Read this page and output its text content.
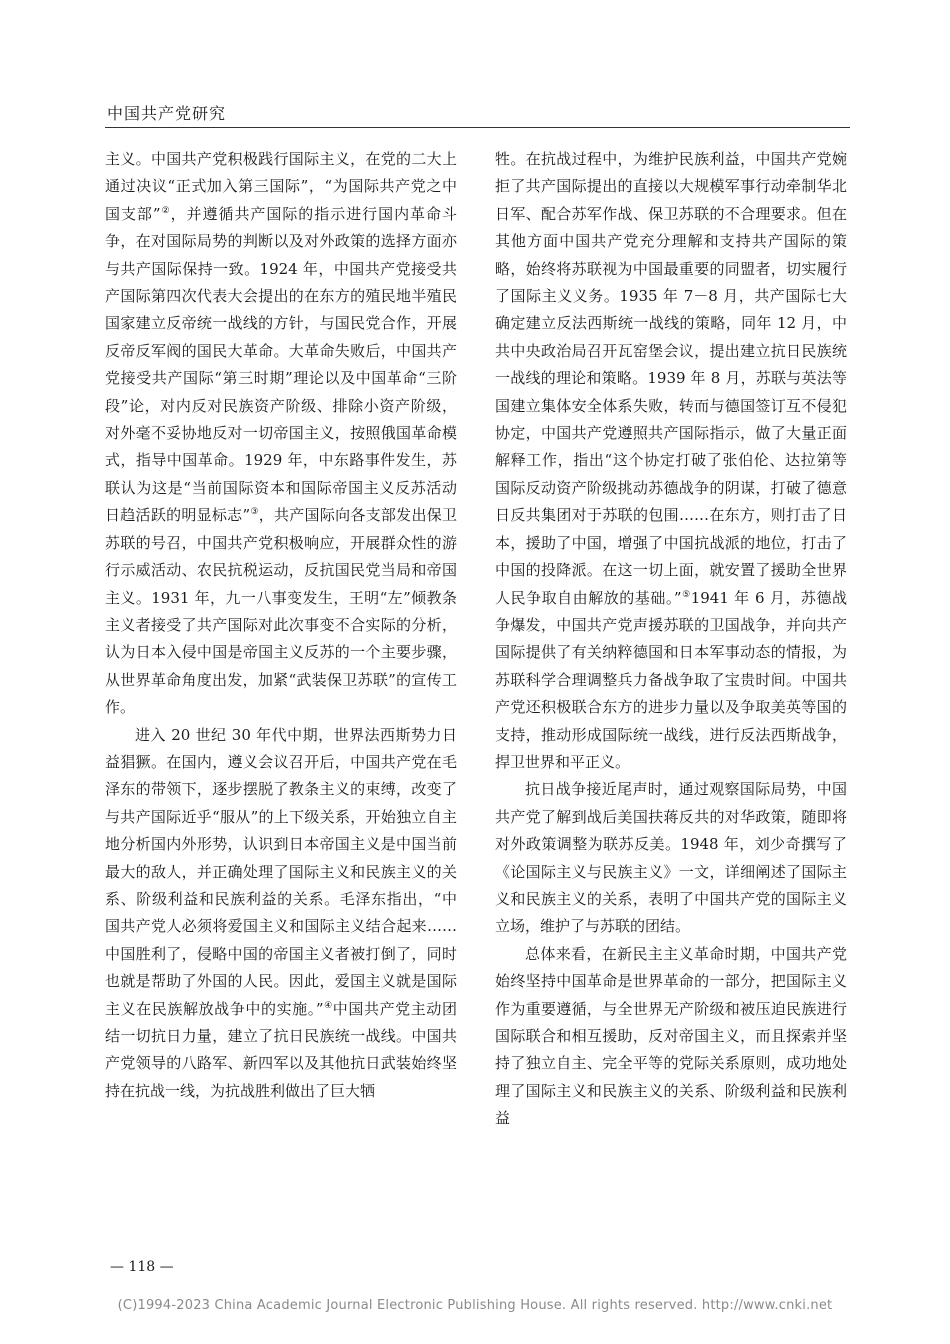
中国共产党研究

主义。中国共产党积极践行国际主义，在党的二大上通过决议“正式加入第三国际”，“为国际共产党之中国支部”②，并遵循共产国际的指示进行国内革命斗争，在对国际局势的判断以及对外政策的选择方面亦与共产国际保持一致。1924 年，中国共产党接受共产国际第四次代表大会提出的在东方的殖民地半殖民国家建立反帝统一战线的方针，与国民党合作，开展反帝反军阀的国民大革命。大革命失败后，中国共产党接受共产国际“第三时期”理论以及中国革命“三阶段”论，对内反对民族资产阶级、排除小资产阶级，对外毫不妥协地反对一切帝国主义，按照俄国革命模式，指导中国革命。1929 年，中东路事件发生，苏联认为这是“当前国际资本和国际帝国主义反苏活动日趋活跃的明显标志”③，共产国际向各支部发出保卫苏联的号召，中国共产党积极响应，开展群众性的游行示威活动、农民抗税运动，反抗国民党当局和帝国主义。1931 年，九一八事变发生，王明“左”倾教条主义者接受了共产国际对此次事变不合实际的分析，认为日本入侵中国是帝国主义反苏的一个主要步骤，从世界革命角度出发，加紧“武装保卫苏联”的宣传工作。

进入 20 世纪 30 年代中期，世界法西斯势力日益猖獗。在国内，遵义会议召开后，中国共产党在毛泽东的带领下，逐步摆脱了教条主义的束缚，改变了与共产国际近乎“服从”的上下级关系，开始独立自主地分析国内外形势，认识到日本帝国主义是中国当前最大的敌人，并正确处理了国际主义和民族主义的关系、阶级利益和民族利益的关系。毛泽东指出，“中国共产党人必须将爱国主义和国际主义结合起来……中国胜利了，侵略中国的帝国主义者被打倒了，同时也就是帮助了外国的人民。因此，爱国主义就是国际主义在民族解放战争中的实施。”④中国共产党主动团结一切抗日力量，建立了抗日民族统一战线。中国共产党领导的八路军、新四军以及其他抗日武装始终坚持在抗战一线，为抗战胜利做出了巨大牺

牲。在抗战过程中，为维护民族利益，中国共产党婉拒了共产国际提出的直接以大规模军事行动牵制华北日军、配合苏军作战、保卫苏联的不合理要求。但在其他方面中国共产党充分理解和支持共产国际的策略，始终将苏联视为中国最重要的同盟者，切实履行了国际主义义务。1935 年 7－8 月，共产国际七大确定建立反法西斯统一战线的策略，同年 12 月，中共中央政治局召开瓦窑堡会议，提出建立抗日民族统一战线的理论和策略。1939 年 8 月，苏联与英法等国建立集体安全体系失败，转而与德国签订互不侵犯协定，中国共产党遵照共产国际指示，做了大量正面解释工作，指出“这个协定打破了张伯伦、达拉第等国际反动资产阶级挑动苏德战争的阴谋，打破了德意日反共集团对于苏联的包围……在东方，则打击了日本，援助了中国，增强了中国抗战派的地位，打击了中国的投降派。在这一切上面，就安置了援助全世界人民争取自由解放的基础。”⑤1941 年 6 月，苏德战争爆发，中国共产党声援苏联的卫国战争，并向共产国际提供了有关纳粹德国和日本军事动态的情报，为苏联科学合理调整兵力备战争取了宝贵时间。中国共产党还积极联合东方的进步力量以及争取美英等国的支持，推动形成国际统一战线，进行反法西斯战争，捍卫世界和平正义。

抗日战争接近尾声时，通过观察国际局势，中国共产党了解到战后美国扶蒋反共的对华政策，随即将对外政策调整为联苏反美。1948 年，刘少奇撰写了《论国际主义与民族主义》一文，详细阐述了国际主义和民族主义的关系，表明了中国共产党的国际主义立场，维护了与苏联的团结。

总体来看，在新民主主义革命时期，中国共产党始终坚持中国革命是世界革命的一部分，把国际主义作为重要遵循，与全世界无产阶级和被压迫民族进行国际联合和相互援助，反对帝国主义，而且探索并坚持了独立自主、完全平等的党际关系原则，成功地处理了国际主义和民族主义的关系、阶级利益和民族利益

— 118 —
(C)1994-2023 China Academic Journal Electronic Publishing House. All rights reserved. http://www.cnki.net
